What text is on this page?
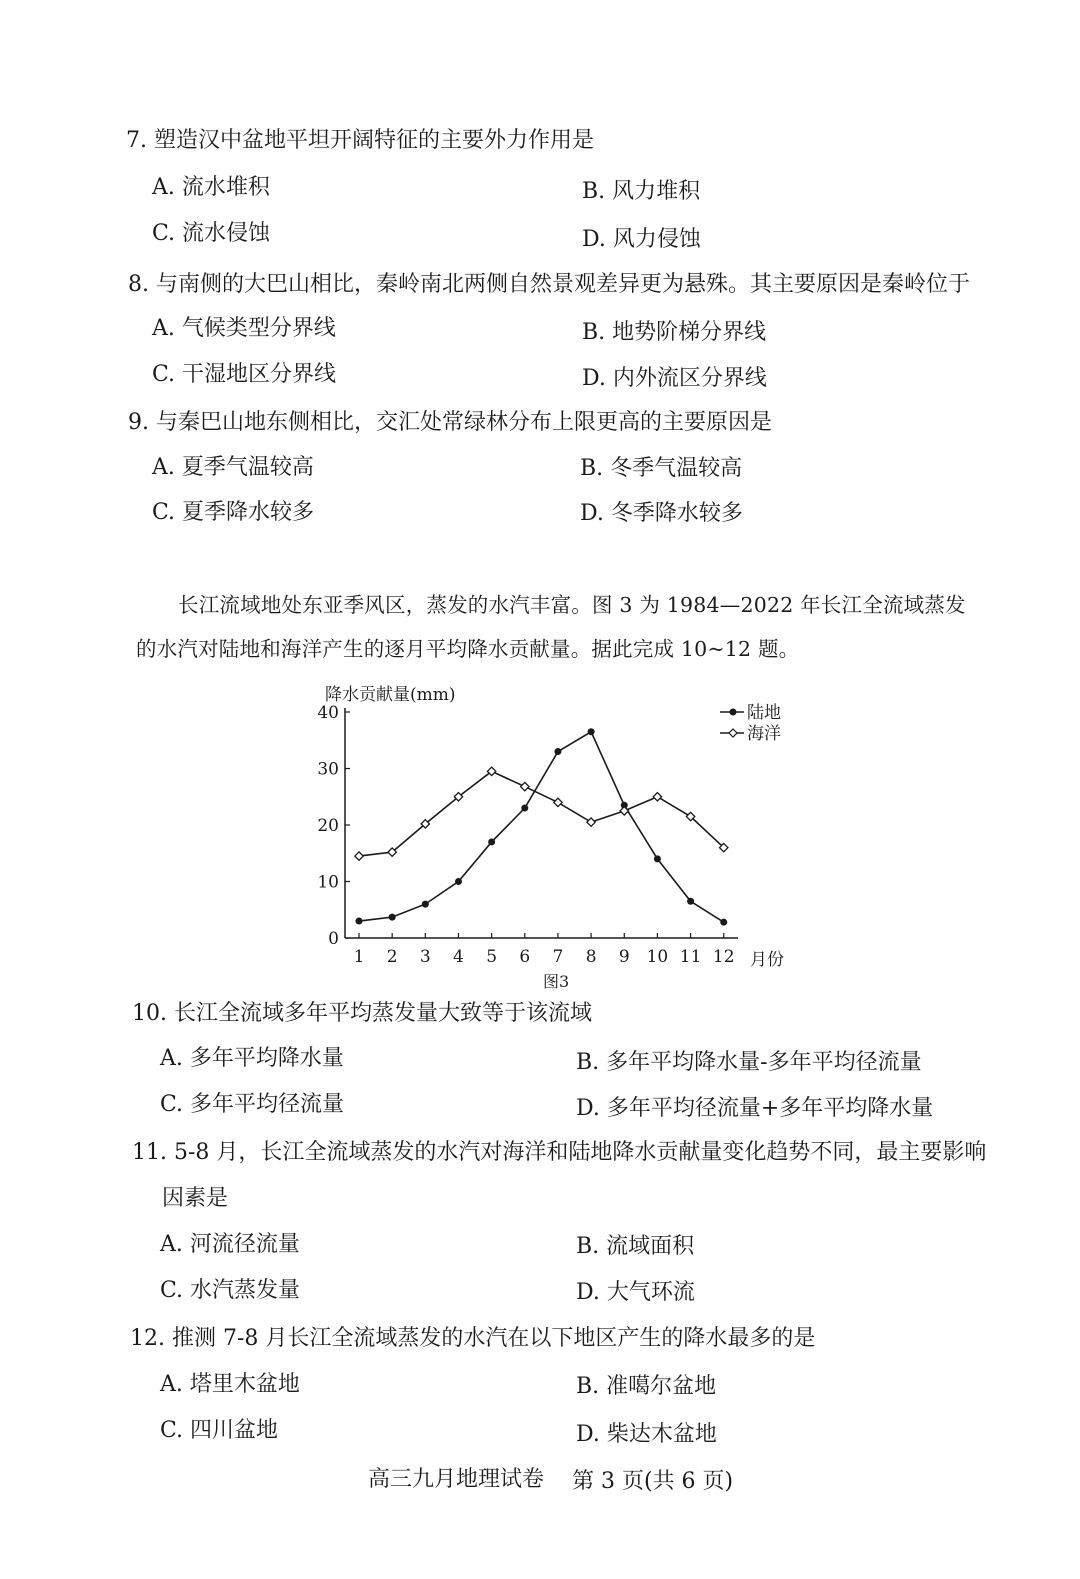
7. 塑造汉中盆地平坦开阔特征的主要外力作用是
A. 流水堆积	B. 风力堆积
C. 流水侵蚀	D. 风力侵蚀
8. 与南侧的大巴山相比，秦岭南北两侧自然景观差异更为悬殊。其主要原因是秦岭位于
A. 气候类型分界线	B. 地势阶梯分界线
C. 干湿地区分界线	D. 内外流区分界线
9. 与秦巴山地东侧相比，交汇处常绿林分布上限更高的主要原因是
A. 夏季气温较高	B. 冬季气温较高
C. 夏季降水较多	D. 冬季降水较多
长江流域地处东亚季风区，蒸发的水汽丰富。图 3 为 1984—2022 年长江全流域蒸发
的水汽对陆地和海洋产生的逐月平均降水贡献量。据此完成 10~12 题。
降水贡献量(mm)
0
10
20
30
40
1 2 3 4 5 6 7 8 9 10 11 12 月份
图3
陆地
海洋
10. 长江全流域多年平均蒸发量大致等于该流域
A. 多年平均降水量	B. 多年平均降水量-多年平均径流量
C. 多年平均径流量	D. 多年平均径流量+多年平均降水量
11. 5-8 月，长江全流域蒸发的水汽对海洋和陆地降水贡献量变化趋势不同，最主要影响
因素是
A. 河流径流量	B. 流域面积
C. 水汽蒸发量	D. 大气环流
12. 推测 7-8 月长江全流域蒸发的水汽在以下地区产生的降水最多的是
A. 塔里木盆地	B. 准噶尔盆地
C. 四川盆地	D. 柴达木盆地
高三九月地理试卷 第 3 页(共 6 页)
